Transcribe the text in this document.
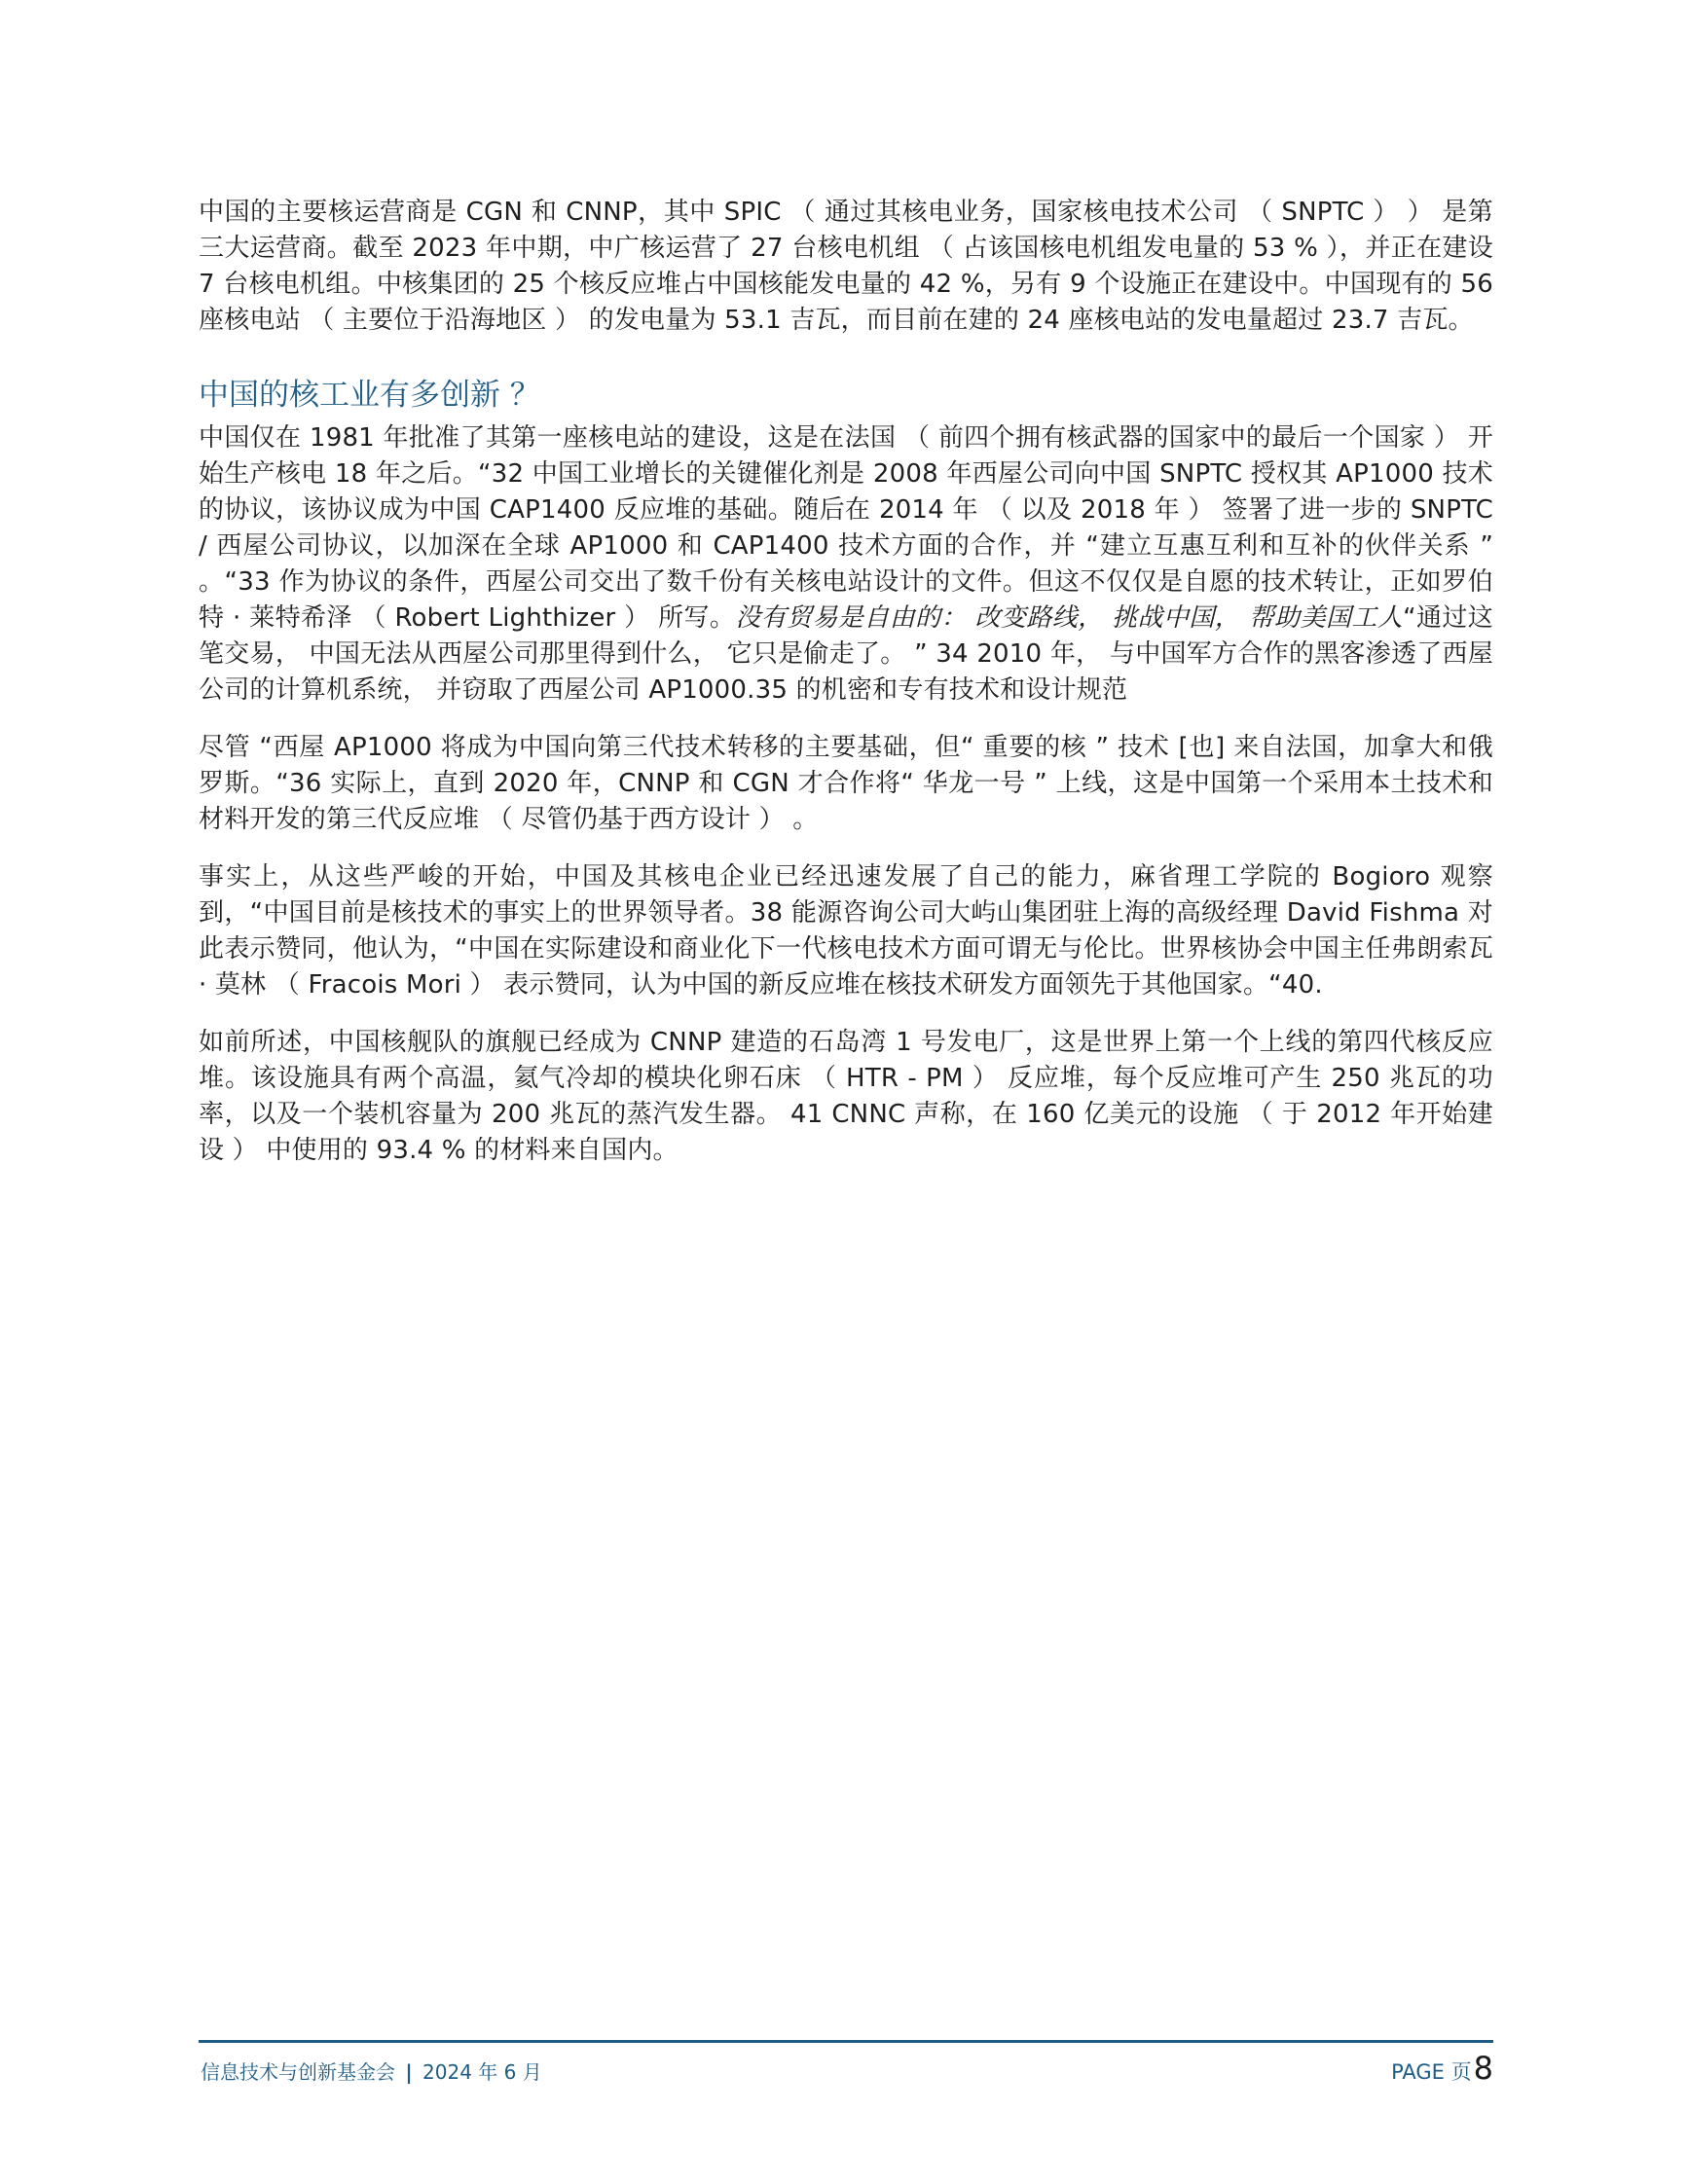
中国的主要核运营商是 CGN 和 CNNP，其中 SPIC （ 通过其核电业务，国家核电技术公司 （ SNPTC ） ） 是第三大运营商。截至 2023 年中期，中广核运营了 27 台核电机组 （ 占该国核电机组发电量的 53 % ），并正在建设 7 台核电机组。中核集团的 25 个核反应堆占中国核能发电量的 42 %，另有 9 个设施正在建设中。中国现有的 56 座核电站 （ 主要位于沿海地区 ） 的发电量为 53.1 吉瓦，而目前在建的 24 座核电站的发电量超过 23.7 吉瓦。

中国的核工业有多创新 ？

中国仅在 1981 年批准了其第一座核电站的建设，这是在法国 （ 前四个拥有核武器的国家中的最后一个国家 ） 开始生产核电 18 年之后。“32 中国工业增长的关键催化剂是 2008 年西屋公司向中国 SNPTC 授权其 AP1000 技术的协议，该协议成为中国 CAP1400 反应堆的基础。随后在 2014 年 （ 以及 2018 年 ） 签署了进一步的 SNPTC / 西屋公司协议，以加深在全球 AP1000 和 CAP1400 技术方面的合作，并 “建立互惠互利和互补的伙伴关系 ” 。“33 作为协议的条件，西屋公司交出了数千份有关核电站设计的文件。但这不仅仅是自愿的技术转让，正如罗伯特 · 莱特希泽 （ Robert Lighthizer ） 所写。没有贸易是自由的： 改变路线， 挑战中国， 帮助美国工人“通过这笔交易， 中国无法从西屋公司那里得到什么， 它只是偷走了。 ” 34 2010 年， 与中国军方合作的黑客渗透了西屋公司的计算机系统， 并窃取了西屋公司 AP1000.35 的机密和专有技术和设计规范

尽管 “西屋 AP1000 将成为中国向第三代技术转移的主要基础，但“ 重要的核 ” 技术 [也] 来自法国，加拿大和俄罗斯。“36 实际上，直到 2020 年，CNNP 和 CGN 才合作将“ 华龙一号 ” 上线，这是中国第一个采用本土技术和材料开发的第三代反应堆 （ 尽管仍基于西方设计 ） 。

事实上，从这些严峻的开始，中国及其核电企业已经迅速发展了自己的能力，麻省理工学院的 Bogioro 观察到，“中国目前是核技术的事实上的世界领导者。38 能源咨询公司大屿山集团驻上海的高级经理 David Fishma 对此表示赞同，他认为，“中国在实际建设和商业化下一代核电技术方面可谓无与伦比。世界核协会中国主任弗朗索瓦 · 莫林 （ Fracois Mori ） 表示赞同，认为中国的新反应堆在核技术研发方面领先于其他国家。“40.

如前所述，中国核舰队的旗舰已经成为 CNNP 建造的石岛湾 1 号发电厂，这是世界上第一个上线的第四代核反应堆。该设施具有两个高温，氦气冷却的模块化卵石床 （ HTR - PM ） 反应堆，每个反应堆可产生 250 兆瓦的功率，以及一个装机容量为 200 兆瓦的蒸汽发生器。 41 CNNC 声称，在 160 亿美元的设施 （ 于 2012 年开始建设 ） 中使用的 93.4 % 的材料来自国内。

信息技术与创新基金会 | 2024 年 6 月	PAGE 页8
